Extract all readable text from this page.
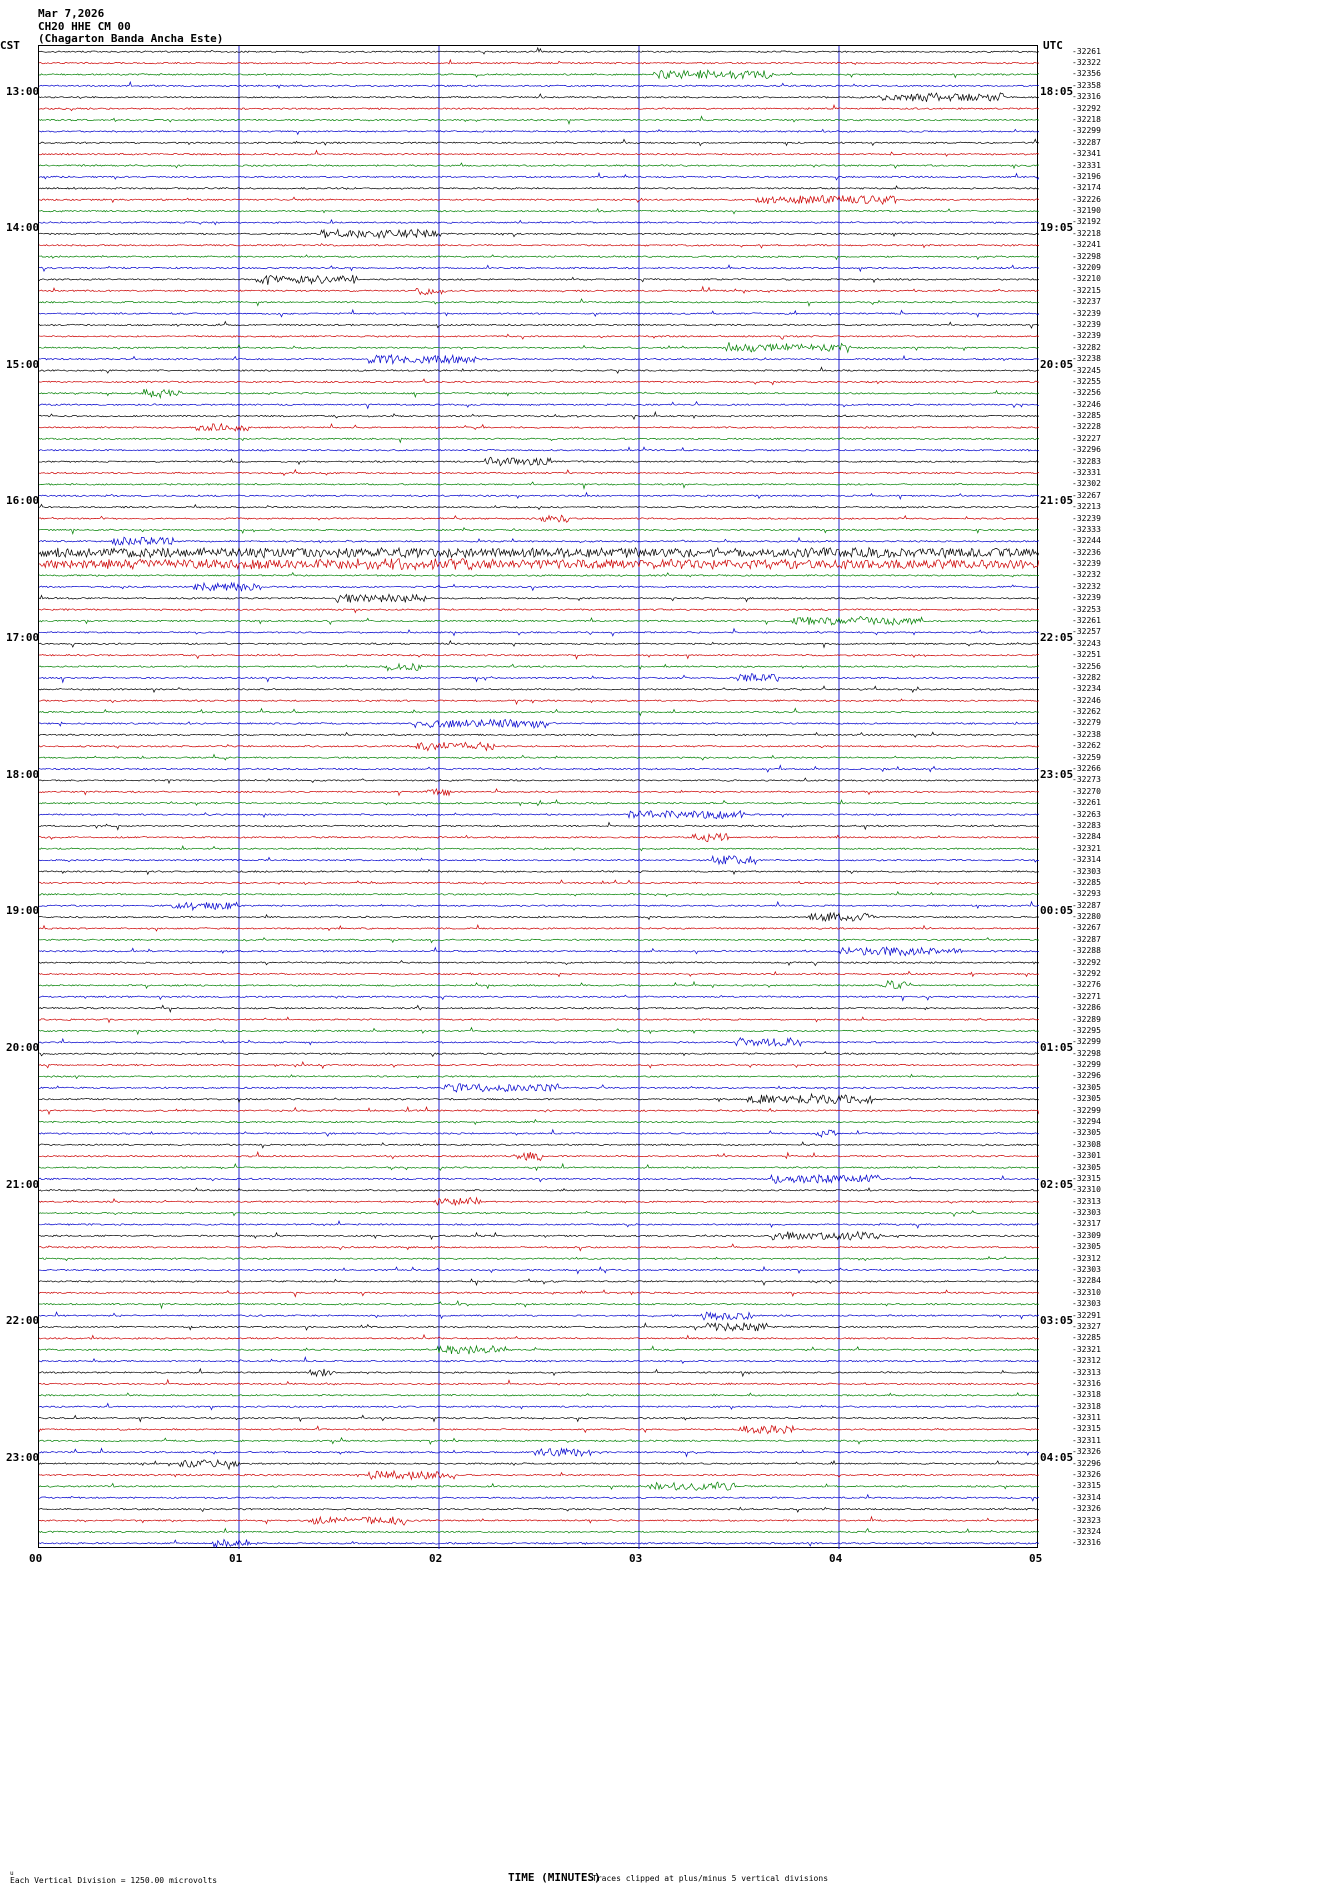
Mar 7,2026
CH20 HHE CM 00
(Chagarton Banda Ancha Este)
CST	UTC
00	01	02	03	04	05
13:00	18:05
14:00	19:05
15:00	20:05
16:00	21:05
17:00	22:05
18:00	23:05
19:00	00:05
20:00	01:05
21:00	02:05
22:00	03:05
23:00	04:05
-32261
-32322
-32356
-32358
-32316
-32292
-32218
-32299
-32287
-32341
-32331
-32196
-32174
-32226
-32190
-32192
-32218
-32241
-32298
-32209
-32210
-32215
-32237
-32239
-32239
-32239
-32282
-32238
-32245
-32255
-32256
-32246
-32285
-32228
-32227
-32296
-32283
-32331
-32302
-32267
-32213
-32239
-32333
-32244
-32236
-32239
-32232
-32232
-32239
-32253
-32261
-32257
-32243
-32251
-32256
-32282
-32234
-32246
-32262
-32279
-32238
-32262
-32259
-32266
-32273
-32270
-32261
-32263
-32283
-32284
-32321
-32314
-32303
-32285
-32293
-32287
-32280
-32267
-32287
-32288
-32292
-32292
-32276
-32271
-32286
-32289
-32295
-32299
-32298
-32299
-32296
-32305
-32305
-32299
-32294
-32305
-32308
-32301
-32305
-32315
-32310
-32313
-32303
-32317
-32309
-32305
-32312
-32303
-32284
-32310
-32303
-32291
-32327
-32285
-32321
-32312
-32313
-32316
-32318
-32318
-32311
-32315
-32311
-32326
-32296
-32326
-32315
-32314
-32326
-32323
-32324
-32316
u
Each Vertical Division = 1250.00 microvolts	TIME (MINUTES)
Traces clipped at plus/minus 5 vertical divisions
